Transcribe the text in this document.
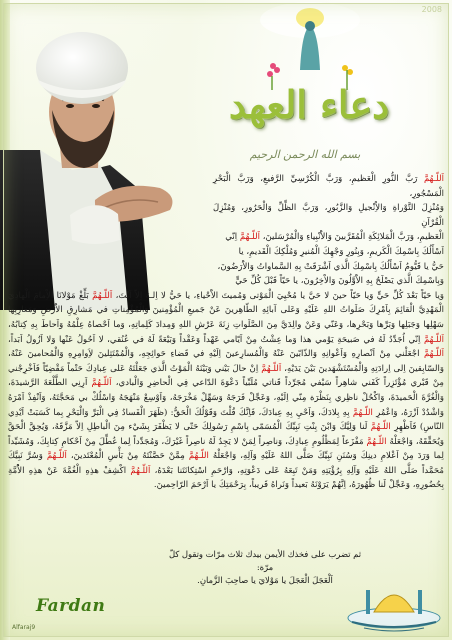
2008
دعاء العهد
بسم الله الرحمن الرحيم

اَللّـهُمَّ رَبَّ النُّورِ الْعَظيمِ، وَرَبَّ الْكُرْسِيِّ الرَّفيعِ، وَرَبَّ الْبَحْرِ الْمَسْجُورِ،

وَمُنْزِلَ التَّوْراةِ وَالاِْنْجيلِ وَالزَّبُورِ، وَرَبَّ الظِّلِّ وَالْحَرُورِ، وَمُنْزِلَ الْقُرْآنِ

الْعَظيمِ، وَرَبَّ الْمَلائِكَةِ الْمُقَرَّبينَ وَالاَْنْبِياءِ وَالْمُرْسَلينَ، اَللّـهُمَّ اِنّي

اَسْأَلُكَ بِاسْمِكَ الْكَريمِ، وَبِنُورِ وَجْهِكَ الْمُنيرِ وَمُلْكِكَ الْقَديمِ، يا

حَيُّ يا قَيُّومُ اَسْأَلُكَ بِاسْمِكَ الَّذي اَشْرَقَتْ بِهِ السَّماواتُ وَالاَْرَضُونَ،

وَبِاسْمِكَ الَّذي يَصْلَحُ بِهِ الاَْوَّلُونَ وَالاْخِرُونَ، يا حَيّاً قَبْلَ كُلِّ حَيٍّ

وَيا حَيّاً بَعْدَ كُلِّ حَيٍّ وَيا حَيّاً حينَ لا حَيَّ يا مُحْيِيَ الْمَوْتى وَمُميتَ الاَْحْياءِ، يا حَيُّ لا اِلـهَ اِلاّ اَنْتَ، اَللّـهُمَّ بَلِّغْ مَوْلانَا الاِْمامَ الْهادِيَ الْمَهْدِيَّ الْقائِمَ بِاَمْرِكَ صَلَواتُ اللهِ عَلَيْهِ وَعَلى آبائِهِ الطّاهِرينَ عَنْ جَميعِ الْمُؤْمِنينَ وَالْمُؤْمِناتِ في مَشارِقِ الاَْرْضِ وَمَغارِبِها سَهْلِها وَجَبَلِها وَبَرِّها وَبَحْرِها، وَعَنّي وَعَنْ والِدَيَّ مِنَ الصَّلَواتِ زِنَةَ عَرْشِ اللهِ وَمِدادَ كَلِماتِهِ، وَما اَحْصاهُ عِلْمُهُ وَاَحاطَ بِهِ كِتابُهُ، اَللّـهُمَّ اِنّي اُجَدِّدُ لَهُ في صَبيحَةِ يَوْمي هذا وَما عِشْتُ مِنْ اَيّامي عَهْداً وَعَقْداً وَبَيْعَةً لَهُ في عُنُقي، لا اَحُولُ عَنْها وَلا اَزُولُ اَبَداً، اَللّـهُمَّ اجْعَلْني مِنْ اَنْصارِهِ وَاَعْوانِهِ وَالذّابّينَ عَنْهُ وَالْمُسارِعينَ اِلَيْهِ في قَضاءِ حَوائِجِهِ، وَالْمُمْتَثِلينَ لاَِوامِرِهِ وَالْمُحامينَ عَنْهُ، وَالسّابِقينَ اِلى اِرادَتِهِ وَالْمُسْتَشْهَدينَ بَيْنَ يَدَيْهِ، اَللّـهُمَّ اِنْ حالَ بَيْني وَبَيْنَهُ الْمَوْتُ الَّذي جَعَلْتَهُ عَلى عِبادِكَ حَتْماً مَقْضِيّاً فَاَخْرِجْني مِنْ قَبْري مُؤْتَزِراً كَفَني شاهِراً سَيْفي مُجَرِّداً قَناتي مُلَبِّياً دَعْوَةَ الدّاعي فِي الْحاضِرِ وَالْبادي، اَللّـهُمَّ اَرِنِي الطَّلْعَةَ الرَّشيدَةَ، وَالْغُرَّةَ الْحَميدَةَ، وَاكْحُلْ ناظِري بِنَظْرَة مِنّي اِلَيْهِ، وَعَجِّلْ فَرَجَهُ وَسَهِّلْ مَخْرَجَهُ، وَاَوْسِعْ مَنْهَجَهُ وَاسْلُكْ بي مَحَجَّتَهُ، وَاَنْفِذْ اَمْرَهُ وَاشْدُدْ اَزْرَهُ، وَاعْمُرِ اللّـهُمَّ بِهِ بِلادَكَ، وَاَحْيِ بِهِ عِبادَكَ، فَاِنَّكَ قُلْتَ وَقَوْلُكَ الْحَقُّ: (ظَهَرَ الْفَسادُ فِي الْبَرِّ وَالْبَحْرِ بِما كَسَبَتْ اَيْدِي النّاسِ) فَاَظْهِرِ اللّـهُمَّ لَنا وَلِيَّكَ وَابْنَ بِنْتِ نَبِيِّكَ الْمُسَمّى بِاسْمِ رَسُولِكَ حَتّى لا يَظْفَرَ بِشَيْء مِنَ الْباطِلِ اِلاّ مَزَّقَهُ، وَيُحِقَّ الْحَقَّ وَيُحَقِّقَهُ، وَاجْعَلْهُ اللّـهُمَّ مَفْزَعاً لِمَظْلُومِ عِبادِكَ، وَناصِراً لِمَنْ لا يَجِدُ لَهُ ناصِراً غَيْرَكَ، وَمُجَدِّداً لِما عُطِّلَ مِنْ اَحْكامِ كِتابِكَ، وَمُشَيِّداً لِما وَرَدَ مِنْ اَعْلامِ دينِكَ وَسُنَنِ نَبِيِّكَ صَلَّى اللهُ عَلَيْهِ وَآلِهِ، وَاجْعَلْهُ اللّـهُمَّ مِمَّنْ حَصَّنْتَهُ مِنْ بَأْسِ الْمُعْتَدينَ، اَللّـهُمَّ وَسُرَّ نَبِيَّكَ مُحَمَّداً صَلَّى اللهُ عَلَيْهِ وَآلِهِ بِرُؤْيَتِهِ وَمَنْ تَبِعَهُ عَلى دَعْوَتِهِ، وَارْحَمِ اسْتِكانَتَنا بَعْدَهُ، اَللّـهُمَّ اكْشِفْ هذِهِ الْغُمَّةَ عَنْ هذِهِ الاُْمَّةِ بِحُضُورِهِ، وَعَجِّلْ لَنا ظُهُورَهُ، اِنَّهُمْ يَرَوْنَهُ بَعيداً وَنَراهُ قَريباً، بِرَحْمَتِكَ يا اَرْحَمَ الرّاحِمينَ.

ثم تضرب على فخذك الأيمن بيدك ثلاث مرّات وتقول كلّ مرّة:
اَلْعَجَلَ الْعَجَلَ يا مَوْلايَ يا صاحِبَ الزَّمانِ.
Fardan
Alfaraj9
